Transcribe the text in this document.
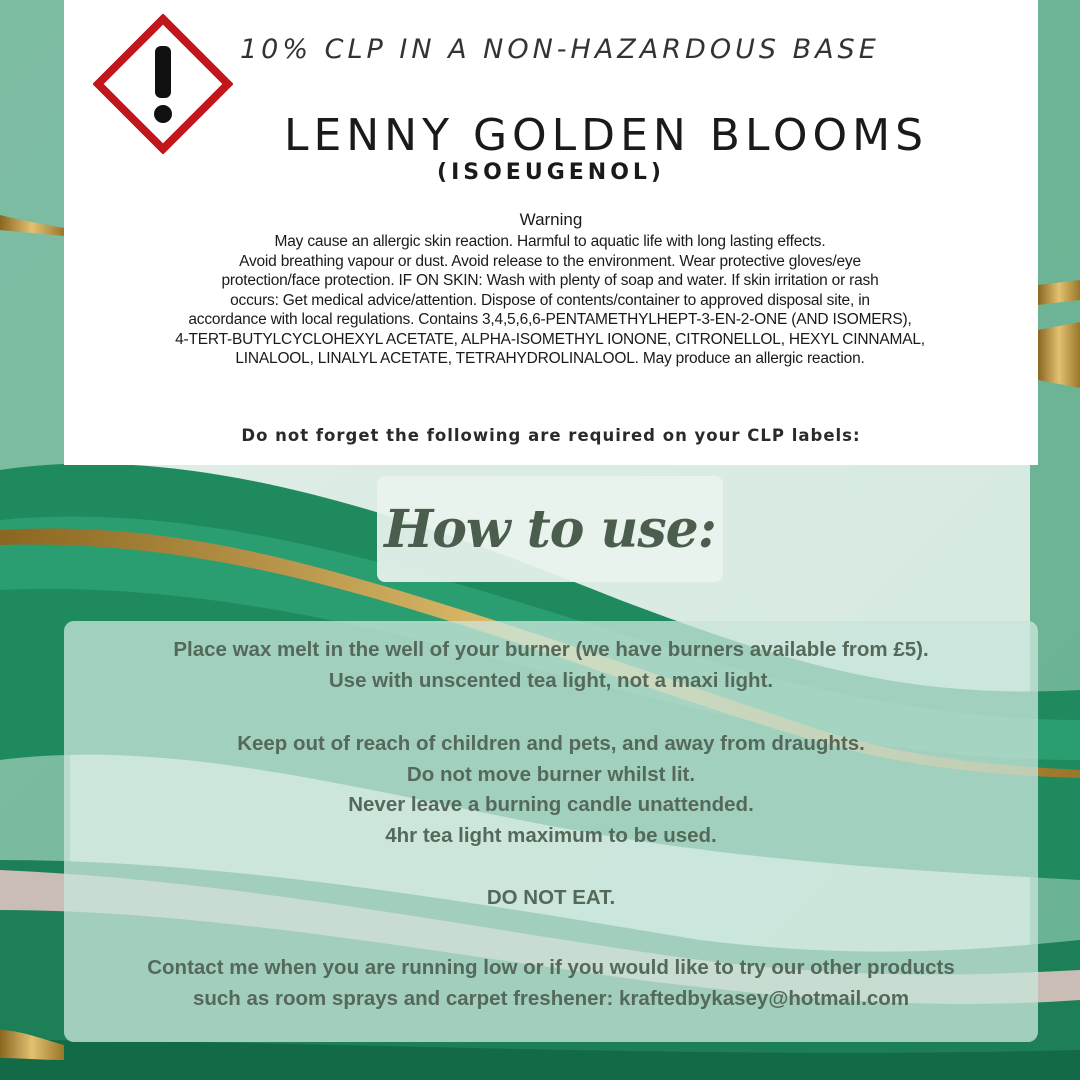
10% CLP IN A NON-HAZARDOUS BASE
LENNY GOLDEN BLOOMS
(ISOEUGENOL)
Warning
May cause an allergic skin reaction. Harmful to aquatic life with long lasting effects.
Avoid breathing vapour or dust. Avoid release to the environment. Wear protective gloves/eye
protection/face protection. IF ON SKIN: Wash with plenty of soap and water. If skin irritation or rash
occurs: Get medical advice/attention. Dispose of contents/container to approved disposal site, in
accordance with local regulations. Contains 3,4,5,6,6-PENTAMETHYLHEPT-3-EN-2-ONE (AND ISOMERS),
4-TERT-BUTYLCYCLOHEXYL ACETATE, ALPHA-ISOMETHYL IONONE, CITRONELLOL, HEXYL CINNAMAL,
LINALOOL, LINALYL ACETATE, TETRAHYDROLINALOOL. May produce an allergic reaction.
Do not forget the following are required on your CLP labels:
How to use:

Place wax melt in the well of your burner (we have burners available from £5).

Use with unscented tea light, not a maxi light.

Keep out of reach of children and pets, and away from draughts.

Do not move burner whilst lit.

Never leave a burning candle unattended.

4hr tea light maximum to be used.

DO NOT EAT.

Contact me when you are running low or if you would like to try our other products

such as room sprays and carpet freshener: kraftedbykasey@hotmail.com
